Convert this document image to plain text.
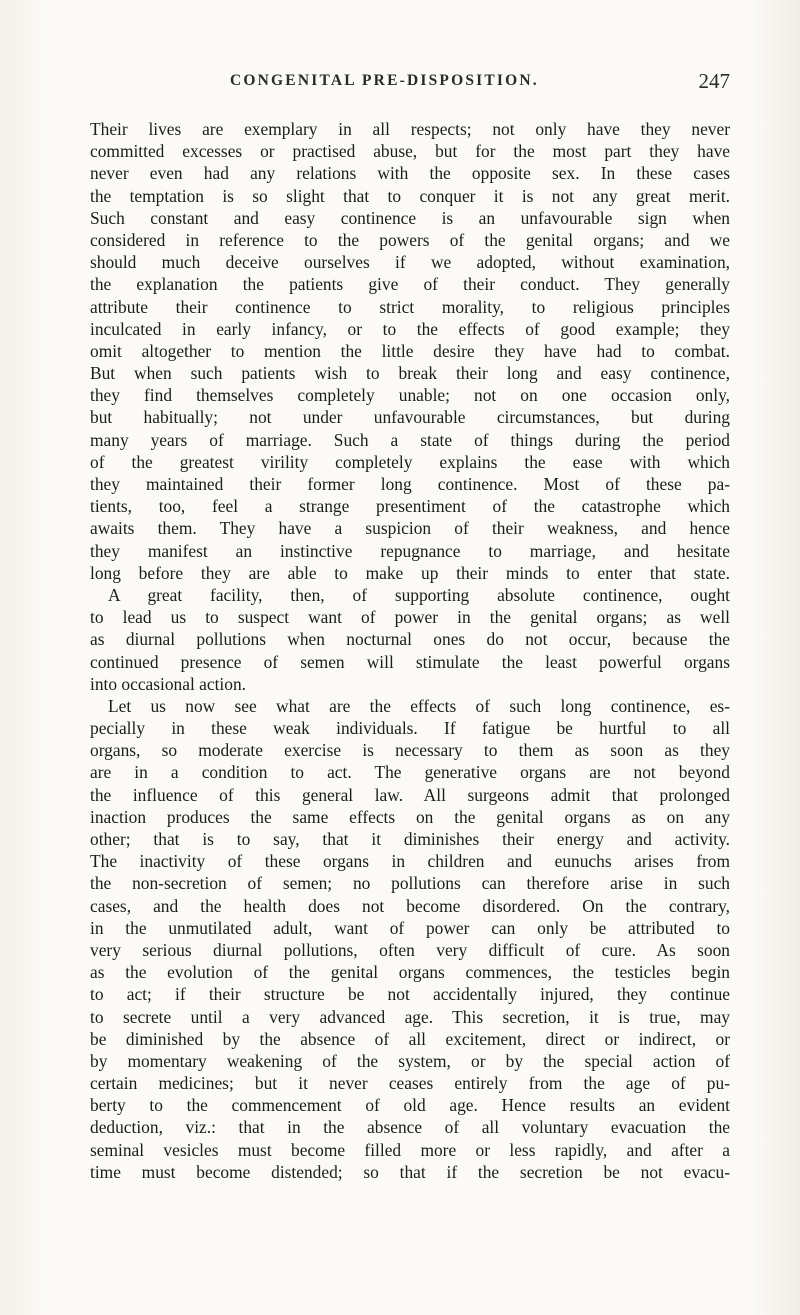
CONGENITAL PRE-DISPOSITION.	247
Their lives are exemplary in all respects; not only have they never
committed excesses or practised abuse, but for the most part they have
never even had any relations with the opposite sex. In these cases
the temptation is so slight that to conquer it is not any great merit.
Such constant and easy continence is an unfavourable sign when
considered in reference to the powers of the genital organs; and we
should much deceive ourselves if we adopted, without examination,
the explanation the patients give of their conduct. They generally
attribute their continence to strict morality, to religious principles
inculcated in early infancy, or to the effects of good example; they
omit altogether to mention the little desire they have had to combat.
But when such patients wish to break their long and easy continence,
they find themselves completely unable; not on one occasion only,
but habitually; not under unfavourable circumstances, but during
many years of marriage. Such a state of things during the period
of the greatest virility completely explains the ease with which
they maintained their former long continence. Most of these pa-
tients, too, feel a strange presentiment of the catastrophe which
awaits them. They have a suspicion of their weakness, and hence
they manifest an instinctive repugnance to marriage, and hesitate
long before they are able to make up their minds to enter that state.
A great facility, then, of supporting absolute continence, ought
to lead us to suspect want of power in the genital organs; as well
as diurnal pollutions when nocturnal ones do not occur, because the
continued presence of semen will stimulate the least powerful organs
into occasional action.
Let us now see what are the effects of such long continence, es-
pecially in these weak individuals. If fatigue be hurtful to all
organs, so moderate exercise is necessary to them as soon as they
are in a condition to act. The generative organs are not beyond
the influence of this general law. All surgeons admit that prolonged
inaction produces the same effects on the genital organs as on any
other; that is to say, that it diminishes their energy and activity.
The inactivity of these organs in children and eunuchs arises from
the non-secretion of semen; no pollutions can therefore arise in such
cases, and the health does not become disordered. On the contrary,
in the unmutilated adult, want of power can only be attributed to
very serious diurnal pollutions, often very difficult of cure. As soon
as the evolution of the genital organs commences, the testicles begin
to act; if their structure be not accidentally injured, they continue
to secrete until a very advanced age. This secretion, it is true, may
be diminished by the absence of all excitement, direct or indirect, or
by momentary weakening of the system, or by the special action of
certain medicines; but it never ceases entirely from the age of pu-
berty to the commencement of old age. Hence results an evident
deduction, viz.: that in the absence of all voluntary evacuation the
seminal vesicles must become filled more or less rapidly, and after a
time must become distended; so that if the secretion be not evacu-
